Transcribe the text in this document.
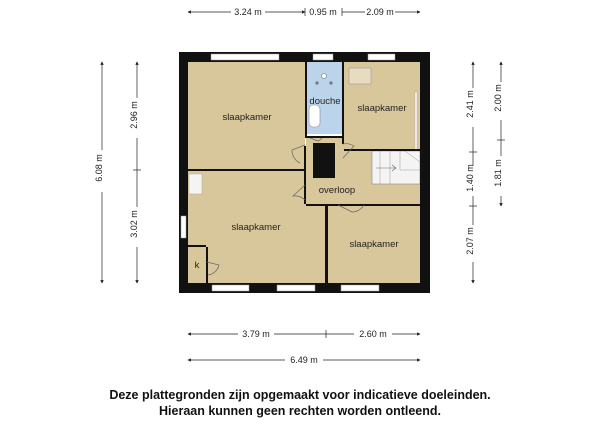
slaapkamer
douche
slaapkamer
overloop
slaapkamer
slaapkamer
k
3.24 m	0.95 m	2.09 m
3.79 m	2.60 m
6.49 m
6.08 m
2.96 m
3.02 m
2.41 m
1.40 m
2.07 m
2.00 m
1.81 m
Deze plattegronden zijn opgemaakt voor indicatieve doeleinden.
Hieraan kunnen geen rechten worden ontleend.
